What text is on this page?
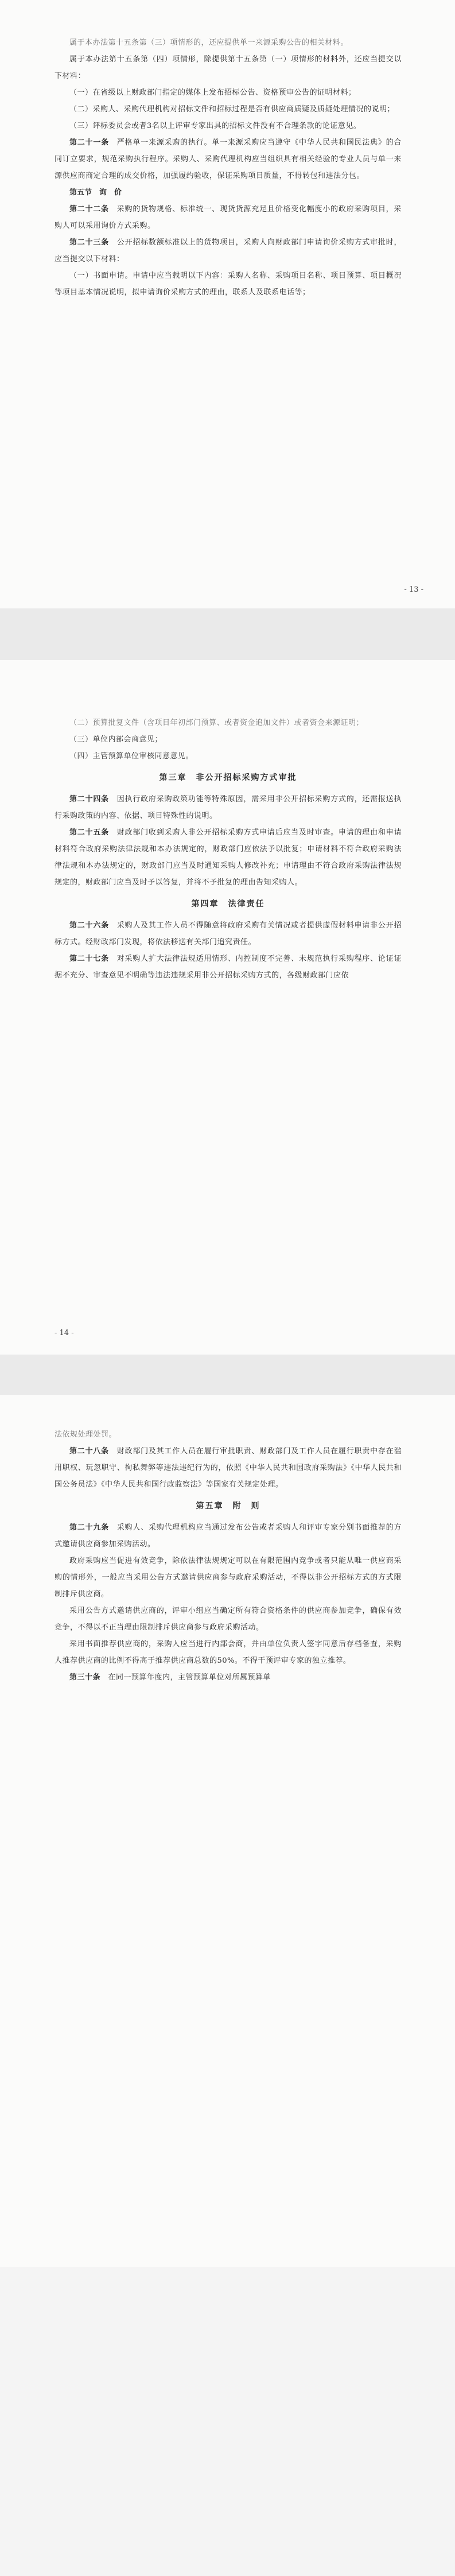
属于本办法第十五条第（三）项情形的，还应提供单一来源采购公告的相关材料。

属于本办法第十五条第（四）项情形，除提供第十五条第（一）项情形的材料外，还应当提交以下材料：

（一）在省级以上财政部门指定的媒体上发布招标公告、资格预审公告的证明材料；

（二）采购人、采购代理机构对招标文件和招标过程是否有供应商质疑及质疑处理情况的说明；

（三）评标委员会或者3名以上评审专家出具的招标文件没有不合理条款的论证意见。

第二十一条　 严格单一来源采购的执行。单一来源采购应当遵守《中华人民共和国民法典》的合同订立要求，规范采购执行程序。采购人、采购代理机构应当组织具有相关经验的专业人员与单一来源供应商商定合理的成交价格，加强履约验收，保证采购项目质量，不得转包和违法分包。

第五节　询　价

第二十二条　 采购的货物规格、标准统一、现货货源充足且价格变化幅度小的政府采购项目，采购人可以采用询价方式采购。

第二十三条　 公开招标数额标准以上的货物项目，采购人向财政部门申请询价采购方式审批时，应当提交以下材料：

（一）书面申请。申请中应当载明以下内容：采购人名称、采购项目名称、项目预算、项目概况等项目基本情况说明，拟申请询价采购方式的理由，联系人及联系电话等；

- 13 -

（二）预算批复文件（含项目年初部门预算、或者资金追加文件）或者资金来源证明；

（三）单位内部会商意见；

（四）主管预算单位审核同意意见。

第三章　非公开招标采购方式审批

第二十四条　 因执行政府采购政策功能等特殊原因，需采用非公开招标采购方式的，还需报送执行采购政策的内容、依据、项目特殊性的说明。

第二十五条　 财政部门收到采购人非公开招标采购方式申请后应当及时审查。申请的理由和申请材料符合政府采购法律法规和本办法规定的，财政部门应依法予以批复；申请材料不符合政府采购法律法规和本办法规定的，财政部门应当及时通知采购人修改补充；申请理由不符合政府采购法律法规规定的，财政部门应当及时予以答复，并将不予批复的理由告知采购人。

第四章　法律责任

第二十六条　 采购人及其工作人员不得随意将政府采购有关情况或者提供虚假材料申请非公开招标方式。经财政部门发现，将依法移送有关部门追究责任。

第二十七条　 对采购人扩大法律法规适用情形、内控制度不完善、未规范执行采购程序、论证证据不充分、审查意见不明确等违法违规采用非公开招标采购方式的，各级财政部门应依

- 14 -

法依规处理处罚。

第二十八条　 财政部门及其工作人员在履行审批职责、财政部门及工作人员在履行职责中存在滥用职权、玩忽职守、徇私舞弊等违法违纪行为的，依照《中华人民共和国政府采购法》《中华人民共和国公务员法》《中华人民共和国行政监察法》等国家有关规定处理。

第五章　附　则

第二十九条　 采购人、采购代理机构应当通过发布公告或者采购人和评审专家分别书面推荐的方式邀请供应商参加采购活动。

政府采购应当促进有效竞争，除依法律法规规定可以在有限范围内竞争或者只能从唯一供应商采购的情形外，一般应当采用公告方式邀请供应商参与政府采购活动，不得以非公开招标方式的方式限制排斥供应商。

采用公告方式邀请供应商的，评审小组应当确定所有符合资格条件的供应商参加竞争，确保有效竞争，不得以不正当理由限制排斥供应商参与政府采购活动。

采用书面推荐供应商的，采购人应当进行内部会商，并由单位负责人签字同意后存档备查，采购人推荐供应商的比例不得高于推荐供应商总数的50%。不得干预评审专家的独立推荐。

第三十条　 在同一预算年度内，主管预算单位对所属预算单
